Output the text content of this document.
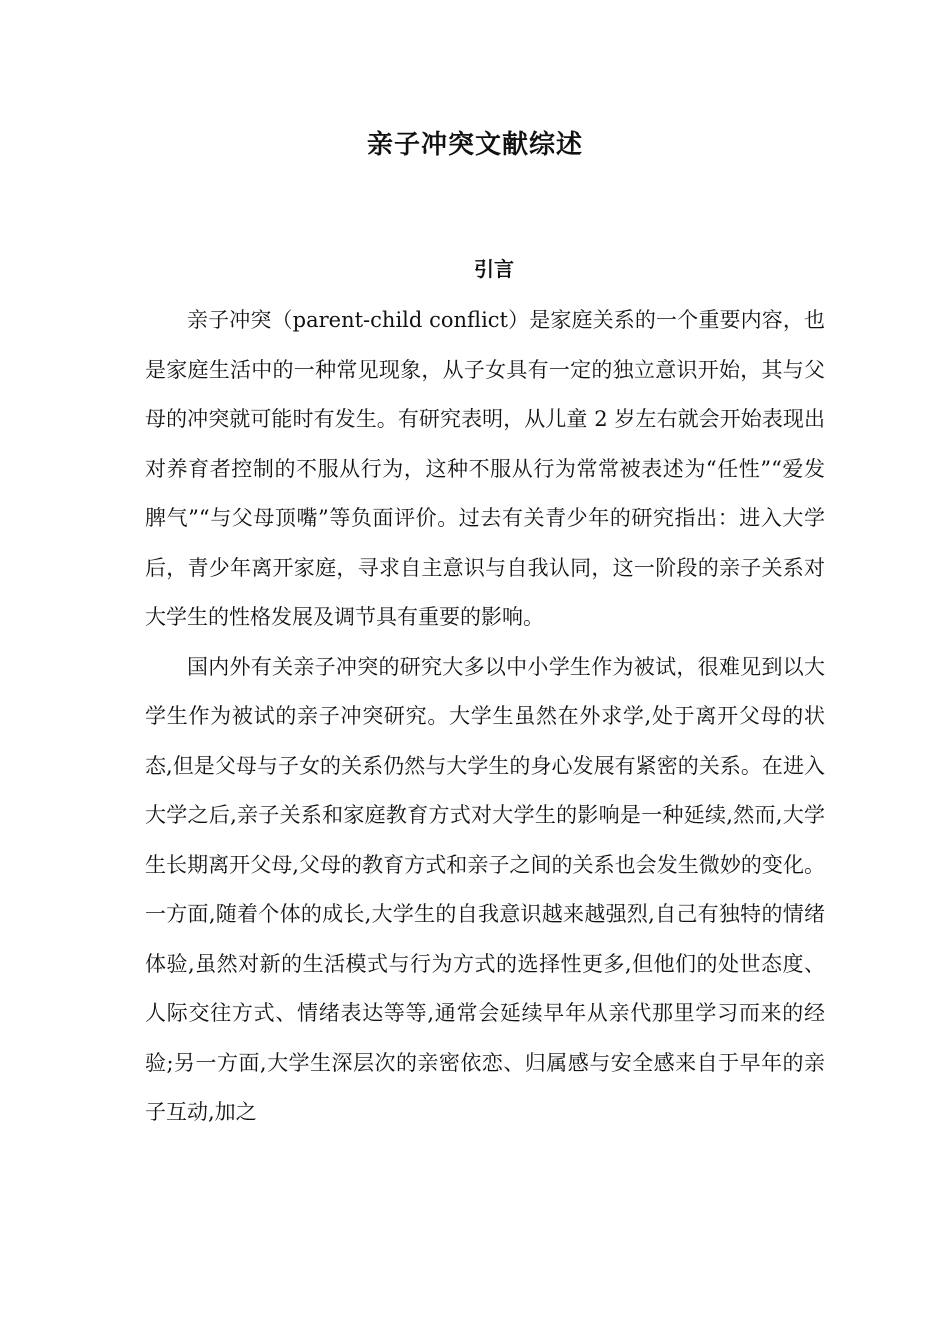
亲子冲突文献综述
引言

亲子冲突（parent-child conflict）是家庭关系的一个重要内容，也是家庭生活中的一种常见现象，从子女具有一定的独立意识开始，其与父母的冲突就可能时有发生。有研究表明，从儿童 2 岁左右就会开始表现出对养育者控制的不服从行为，这种不服从行为常常被表述为“任性”“爱发脾气”“与父母顶嘴”等负面评价。过去有关青少年的研究指出：进入大学后，青少年离开家庭，寻求自主意识与自我认同，这一阶段的亲子关系对大学生的性格发展及调节具有重要的影响。

国内外有关亲子冲突的研究大多以中小学生作为被试，很难见到以大学生作为被试的亲子冲突研究。大学生虽然在外求学,处于离开父母的状态,但是父母与子女的关系仍然与大学生的身心发展有紧密的关系。在进入大学之后,亲子关系和家庭教育方式对大学生的影响是一种延续,然而,大学生长期离开父母,父母的教育方式和亲子之间的关系也会发生微妙的变化。一方面,随着个体的成长,大学生的自我意识越来越强烈,自己有独特的情绪体验,虽然对新的生活模式与行为方式的选择性更多,但他们的处世态度、人际交往方式、情绪表达等等,通常会延续早年从亲代那里学习而来的经验;另一方面,大学生深层次的亲密依恋、归属感与安全感来自于早年的亲子互动,加之
